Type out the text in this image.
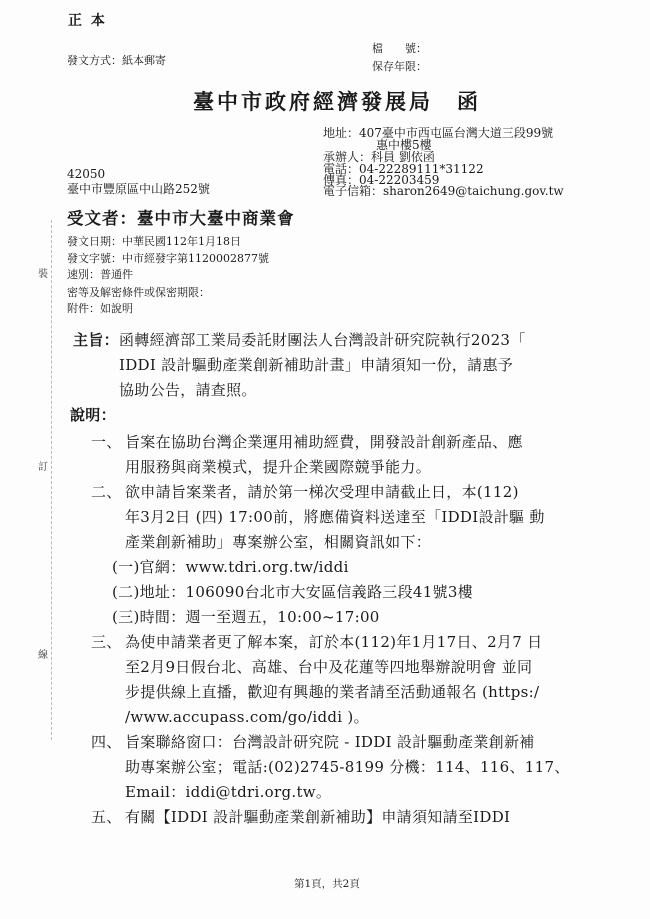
正 本
發文方式：紙本郵寄
檔　　號：
保存年限：
臺中市政府經濟發展局　函
地址：407臺中市西屯區台灣大道三段99號
惠中樓5樓
承辦人：科員 劉依函
電話：04-22289111*31122
傳真：04-22203459
電子信箱：sharon2649@taichung.gov.tw
42050
臺中市豐原區中山路252號
受文者：臺中市大臺中商業會
發文日期：中華民國112年1月18日
發文字號：中市經發字第1120002877號
速別：普通件
密等及解密條件或保密期限：
附件：如說明
裝
訂
線
主旨： 函轉經濟部工業局委託財團法人台灣設計研究院執行2023「
IDDI 設計驅動產業創新補助計畫」申請須知一份，請惠予
協助公告，請查照。
說明：
一、 旨案在協助台灣企業運用補助經費，開發設計創新產品、應
用服務與商業模式，提升企業國際競爭能力。
二、 欲申請旨案業者，請於第一梯次受理申請截止日，本(112)
年3月2日 (四) 17:00前，將應備資料送達至「IDDI設計驅 動
產業創新補助」專案辦公室，相關資訊如下：
(一)官網：www.tdri.org.tw/iddi
(二)地址：106090台北市大安區信義路三段41號3樓
(三)時間：週一至週五，10:00~17:00
三、 為使申請業者更了解本案，訂於本(112)年1月17日、2月7 日
至2月9日假台北、高雄、台中及花蓮等四地舉辦說明會 並同
步提供線上直播，歡迎有興趣的業者請至活動通報名 (https:/
/www.accupass.com/go/iddi )。
四、 旨案聯絡窗口：台灣設計研究院 - IDDI 設計驅動產業創新補
助專案辦公室；電話:(02)2745-8199 分機：114、116、117、
Email：iddi@tdri.org.tw。
五、 有關【IDDI 設計驅動產業創新補助】申請須知請至IDDI
第1頁，共2頁
